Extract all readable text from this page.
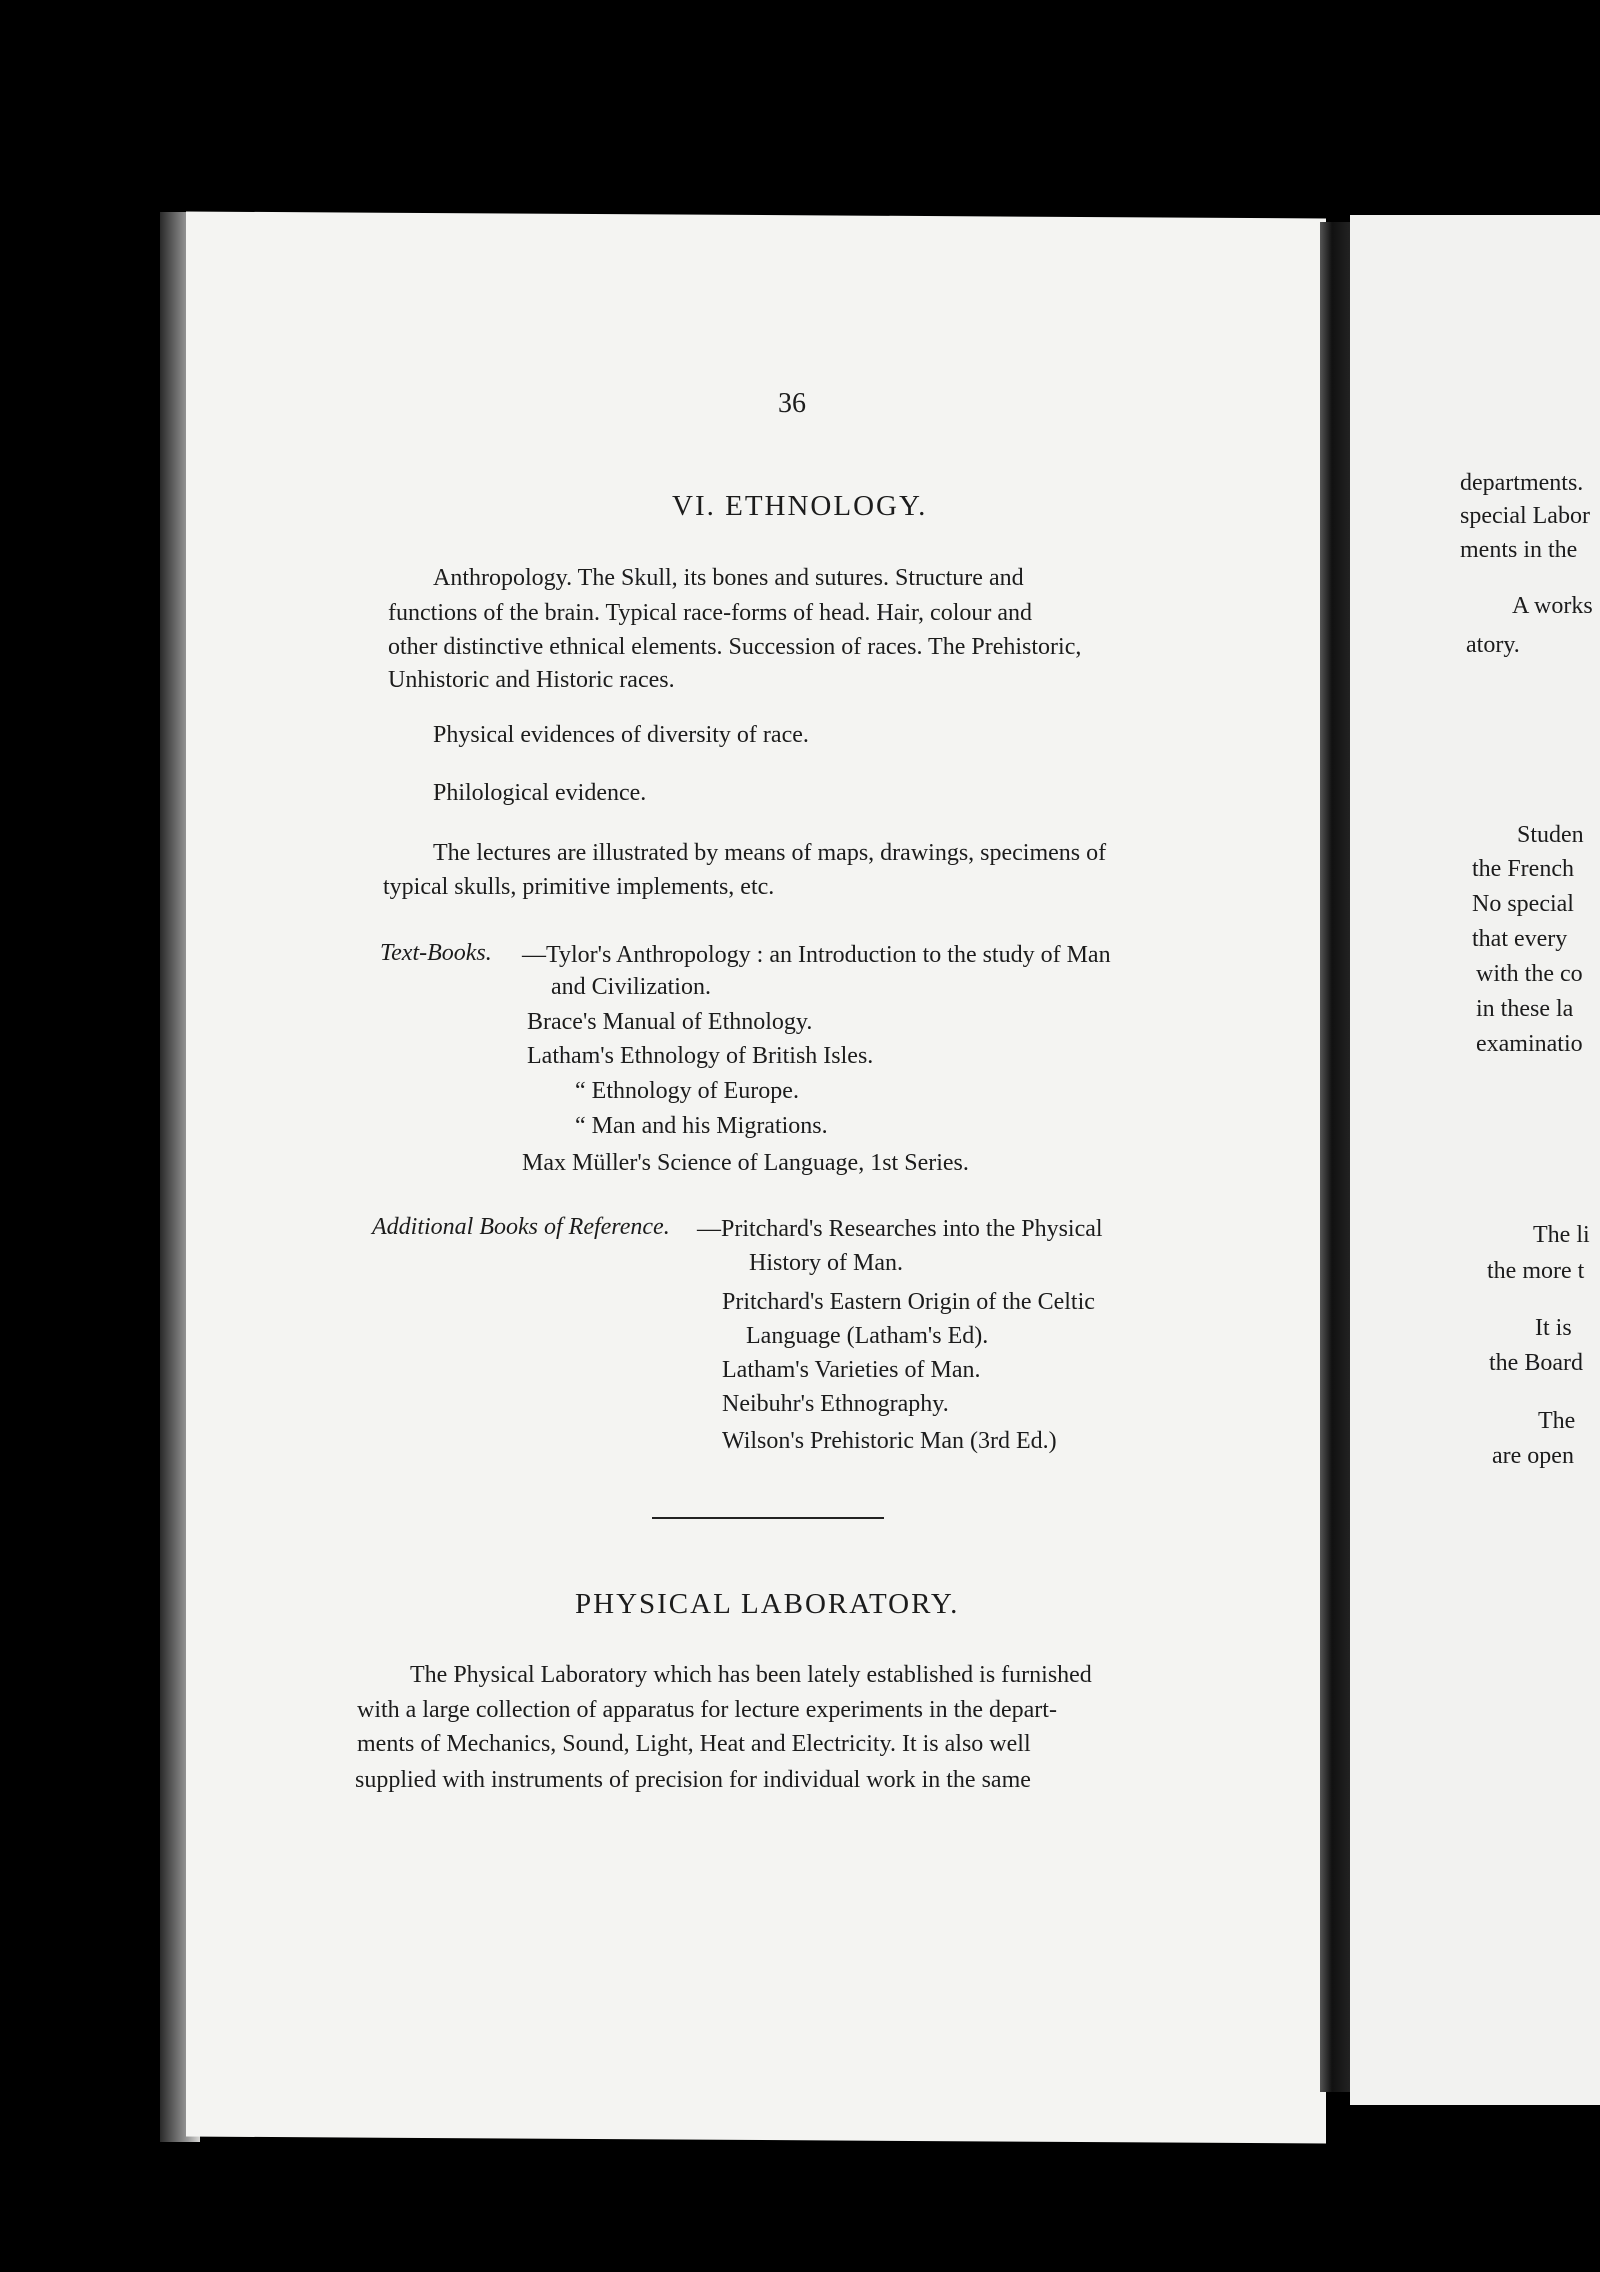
36
VI. ETHNOLOGY.
Anthropology. The Skull, its bones and sutures. Structure and
functions of the brain. Typical race-forms of head. Hair, colour and
other distinctive ethnical elements. Succession of races. The Prehistoric,
Unhistoric and Historic races.
Physical evidences of diversity of race.
Philological evidence.
The lectures are illustrated by means of maps, drawings, specimens of
typical skulls, primitive implements, etc.
Text-Books. —Tylor's Anthropology : an Introduction to the study of Man
and Civilization.
Brace's Manual of Ethnology.
Latham's Ethnology of British Isles.
“ Ethnology of Europe.
“ Man and his Migrations.
Max Müller's Science of Language, 1st Series.
Additional Books of Reference. —Pritchard's Researches into the Physical
History of Man.
Pritchard's Eastern Origin of the Celtic
Language (Latham's Ed).
Latham's Varieties of Man.
Neibuhr's Ethnography.
Wilson's Prehistoric Man (3rd Ed.)
PHYSICAL LABORATORY.
The Physical Laboratory which has been lately established is furnished
with a large collection of apparatus for lecture experiments in the depart-
ments of Mechanics, Sound, Light, Heat and Electricity. It is also well
supplied with instruments of precision for individual work in the same
departments.
special Labor
ments in the
A works
atory.
Studen
the French
No special
that every
with the co
in these la
examinatio
The li
the more t
It is
the Board
The
are open
